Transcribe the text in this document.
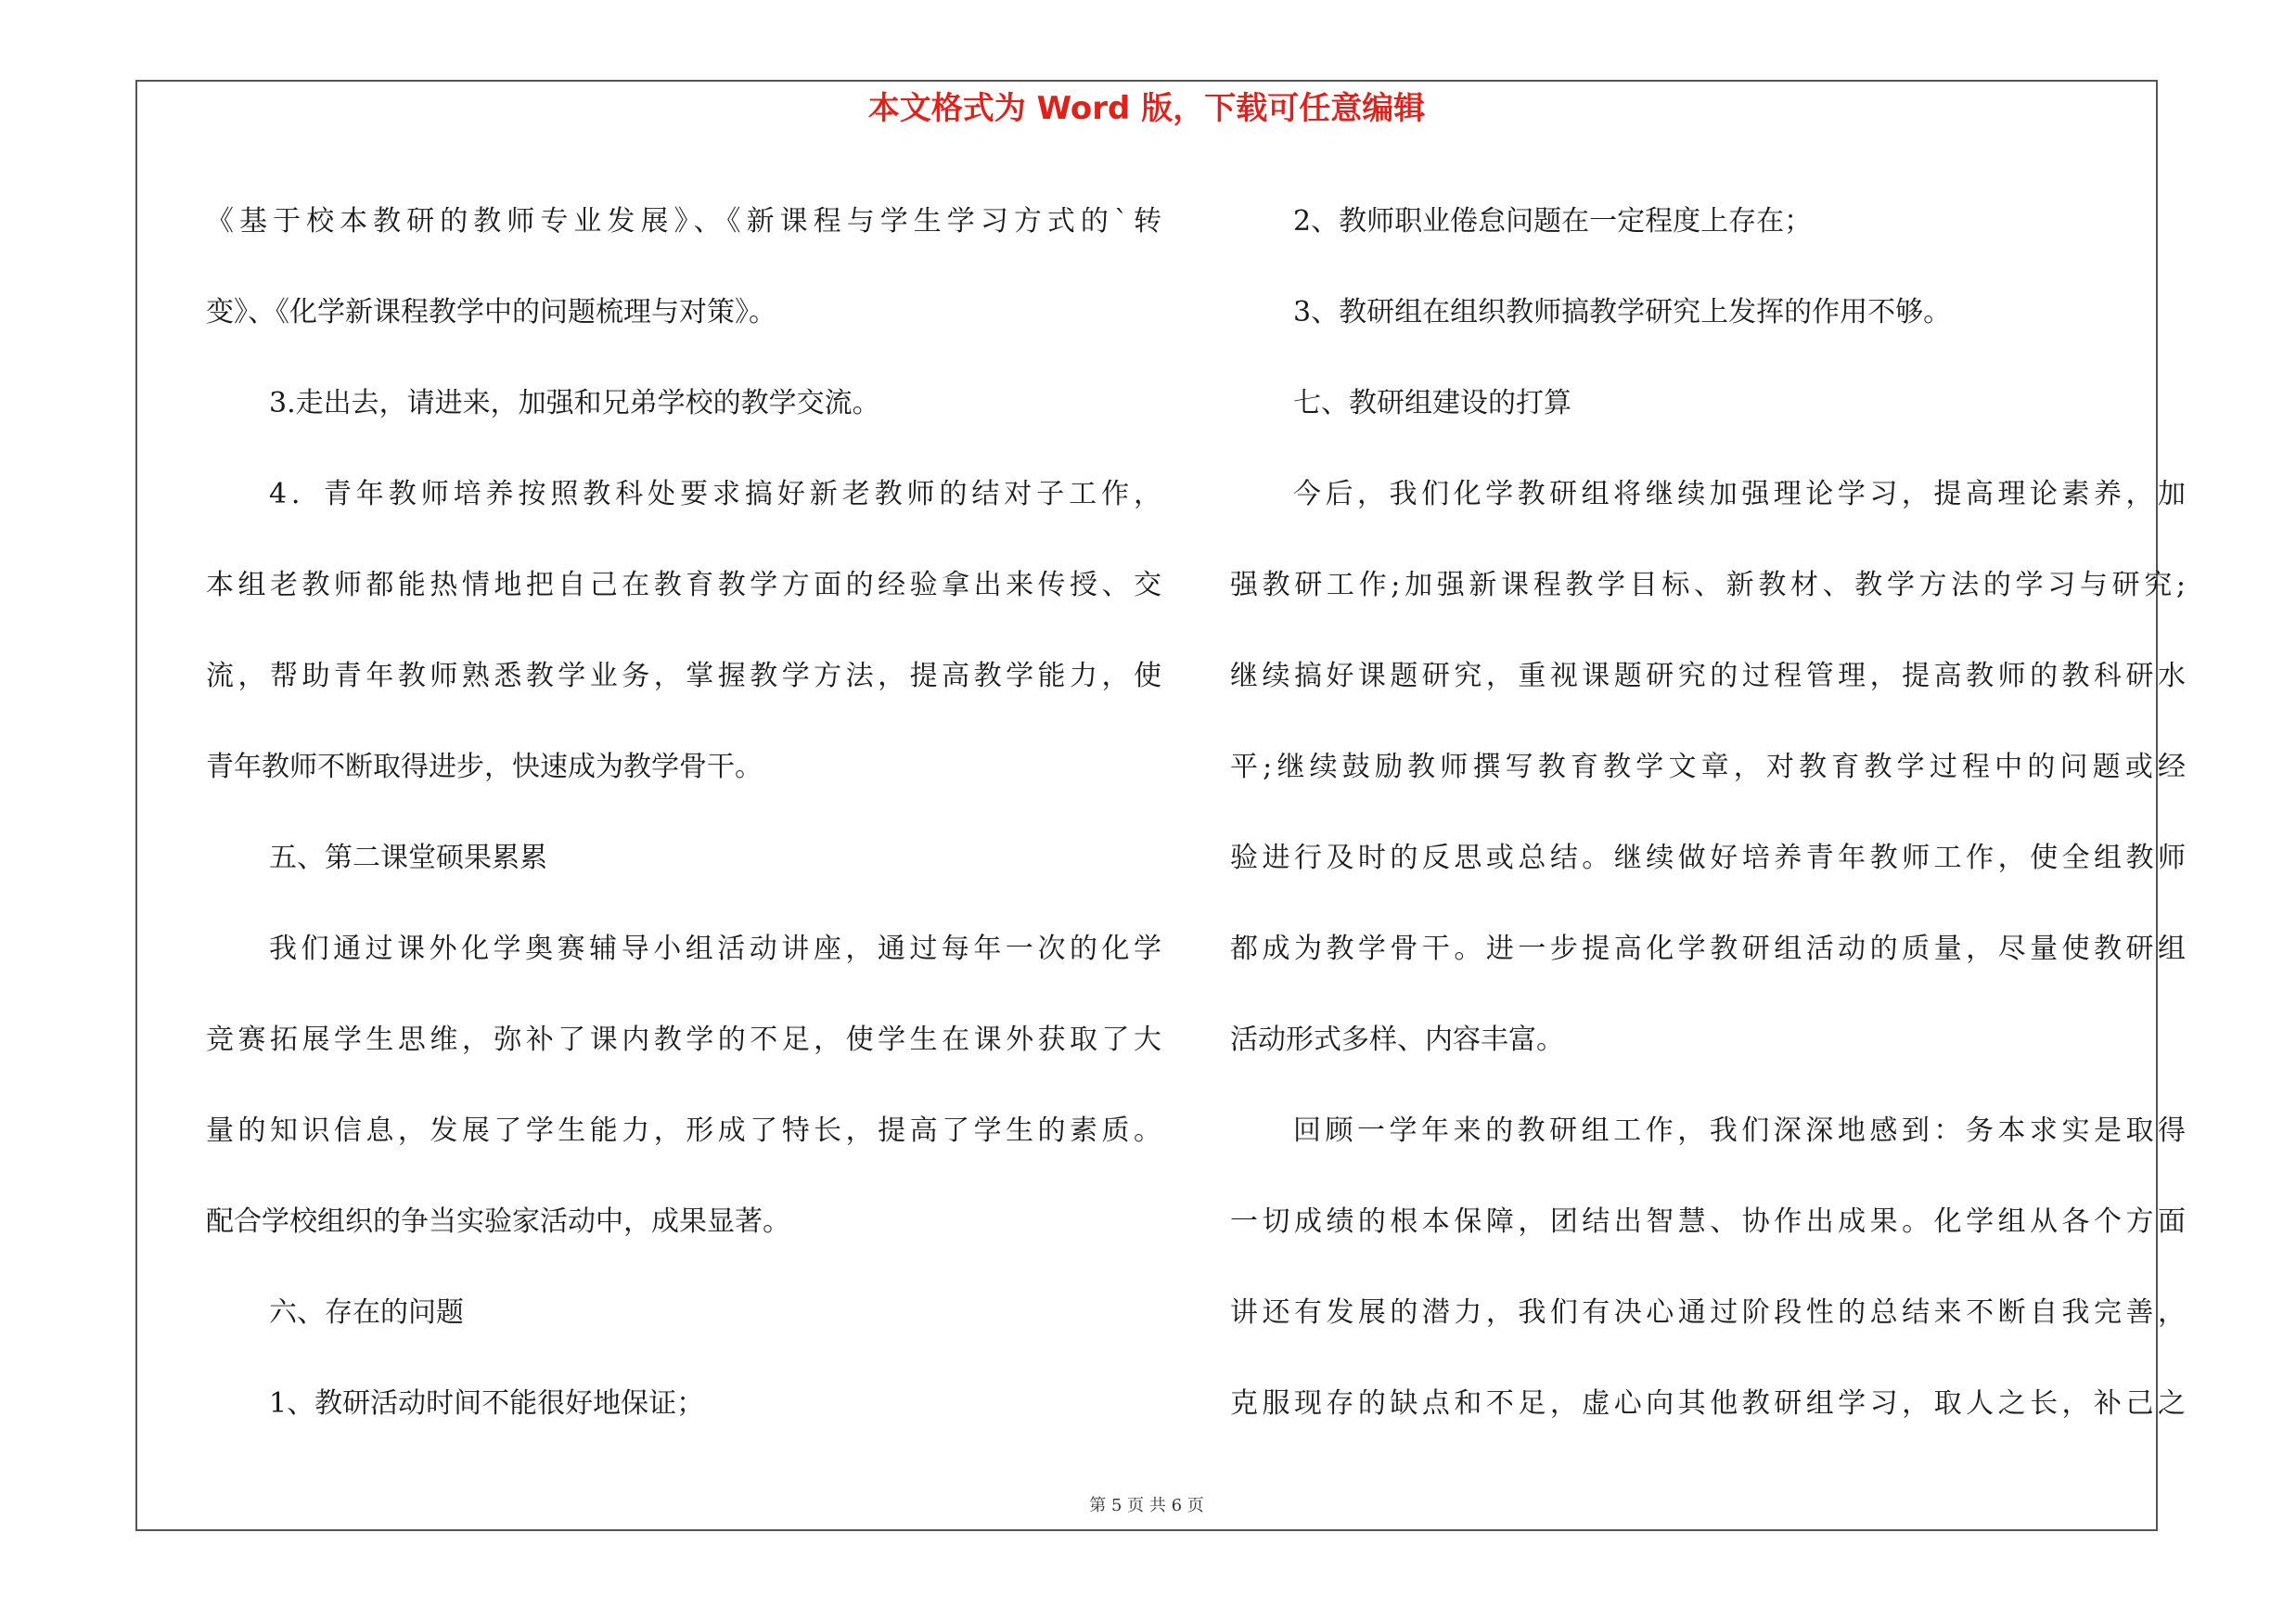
本文格式为 Word 版，下载可任意编辑
《基于校本教研的教师专业发展》、《新课程与学生学习方式的`转
变》、《化学新课程教学中的问题梳理与对策》。
3.走出去，请进来，加强和兄弟学校的教学交流。
4．青年教师培养按照教科处要求搞好新老教师的结对子工作，
本组老教师都能热情地把自己在教育教学方面的经验拿出来传授、交
流，帮助青年教师熟悉教学业务，掌握教学方法，提高教学能力，使
青年教师不断取得进步，快速成为教学骨干。
五、第二课堂硕果累累
我们通过课外化学奥赛辅导小组活动讲座，通过每年一次的化学
竞赛拓展学生思维，弥补了课内教学的不足，使学生在课外获取了大
量的知识信息，发展了学生能力，形成了特长，提高了学生的素质。
配合学校组织的争当实验家活动中，成果显著。
六、存在的问题
1、教研活动时间不能很好地保证；
2、教师职业倦怠问题在一定程度上存在；
3、教研组在组织教师搞教学研究上发挥的作用不够。
七、教研组建设的打算
今后，我们化学教研组将继续加强理论学习，提高理论素养，加
强教研工作;加强新课程教学目标、新教材、教学方法的学习与研究;
继续搞好课题研究，重视课题研究的过程管理，提高教师的教科研水
平;继续鼓励教师撰写教育教学文章，对教育教学过程中的问题或经
验进行及时的反思或总结。继续做好培养青年教师工作，使全组教师
都成为教学骨干。进一步提高化学教研组活动的质量，尽量使教研组
活动形式多样、内容丰富。
回顾一学年来的教研组工作，我们深深地感到：务本求实是取得
一切成绩的根本保障，团结出智慧、协作出成果。化学组从各个方面
讲还有发展的潜力，我们有决心通过阶段性的总结来不断自我完善，
克服现存的缺点和不足，虚心向其他教研组学习，取人之长，补己之
第 5 页 共 6 页
